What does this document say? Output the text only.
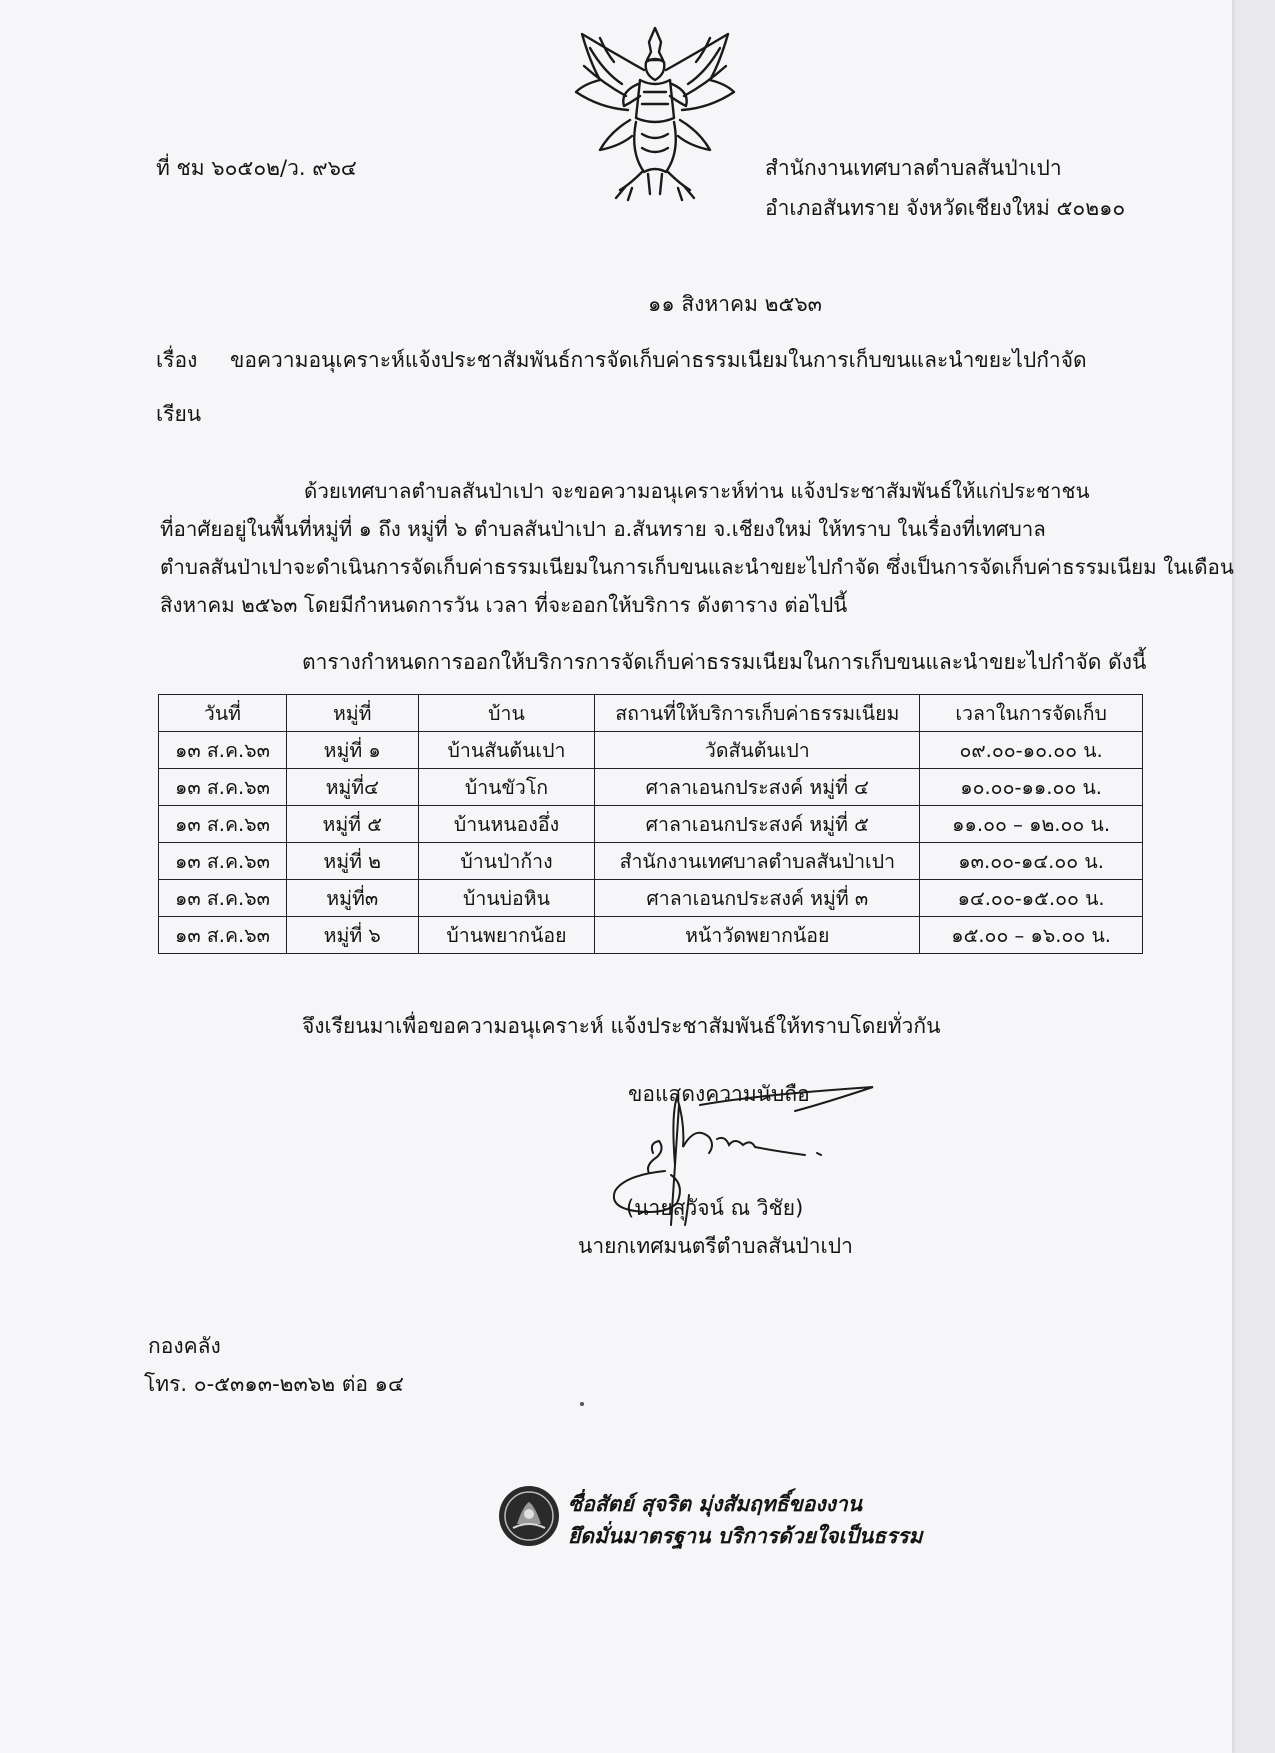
ที่ ชม ๖๐๕๐๒/ว. ๙๖๔	สำนักงานเทศบาลตำบลสันป่าเปา
อำเภอสันทราย จังหวัดเชียงใหม่ ๕๐๒๑๐
๑๑ สิงหาคม ๒๕๖๓
เรื่อง ขอความอนุเคราะห์แจ้งประชาสัมพันธ์การจัดเก็บค่าธรรมเนียมในการเก็บขนและนำขยะไปกำจัด
เรียน
ด้วยเทศบาลตำบลสันป่าเปา จะขอความอนุเคราะห์ท่าน แจ้งประชาสัมพันธ์ให้แก่ประชาชน
ที่อาศัยอยู่ในพื้นที่หมู่ที่ ๑ ถึง หมู่ที่ ๖ ตำบลสันป่าเปา อ.สันทราย จ.เชียงใหม่ ให้ทราบ ในเรื่องที่เทศบาล
ตำบลสันป่าเปาจะดำเนินการจัดเก็บค่าธรรมเนียมในการเก็บขนและนำขยะไปกำจัด ซึ่งเป็นการจัดเก็บค่าธรรมเนียม ในเดือน
สิงหาคม ๒๕๖๓ โดยมีกำหนดการวัน เวลา ที่จะออกให้บริการ ดังตาราง ต่อไปนี้
ตารางกำหนดการออกให้บริการการจัดเก็บค่าธรรมเนียมในการเก็บขนและนำขยะไปกำจัด ดังนี้
วันที่	หมู่ที่	บ้าน	สถานที่ให้บริการเก็บค่าธรรมเนียม	เวลาในการจัดเก็บ
๑๓ ส.ค.๖๓	หมู่ที่ ๑	บ้านสันต้นเปา	วัดสันต้นเปา	๐๙.๐๐-๑๐.๐๐ น.
๑๓ ส.ค.๖๓	หมู่ที่๔	บ้านขัวโก	ศาลาเอนกประสงค์ หมู่ที่ ๔	๑๐.๐๐-๑๑.๐๐ น.
๑๓ ส.ค.๖๓	หมู่ที่ ๕	บ้านหนองอึ่ง	ศาลาเอนกประสงค์ หมู่ที่ ๕	๑๑.๐๐ – ๑๒.๐๐ น.
๑๓ ส.ค.๖๓	หมู่ที่ ๒	บ้านป่าก้าง	สำนักงานเทศบาลตำบลสันป่าเปา	๑๓.๐๐-๑๔.๐๐ น.
๑๓ ส.ค.๖๓	หมู่ที่๓	บ้านบ่อหิน	ศาลาเอนกประสงค์ หมู่ที่ ๓	๑๔.๐๐-๑๕.๐๐ น.
๑๓ ส.ค.๖๓	หมู่ที่ ๖	บ้านพยากน้อย	หน้าวัดพยากน้อย	๑๕.๐๐ – ๑๖.๐๐ น.
จึงเรียนมาเพื่อขอความอนุเคราะห์ แจ้งประชาสัมพันธ์ให้ทราบโดยทั่วกัน
ขอแสดงความนับถือ
(นายสุวัจน์ ณ วิชัย)
นายกเทศมนตรีตำบลสันป่าเปา
กองคลัง
โทร. ๐-๕๓๑๓-๒๓๖๒ ต่อ ๑๔
ซื่อสัตย์ สุจริต มุ่งสัมฤทธิ์ของงาน
ยึดมั่นมาตรฐาน บริการด้วยใจเป็นธรรม
